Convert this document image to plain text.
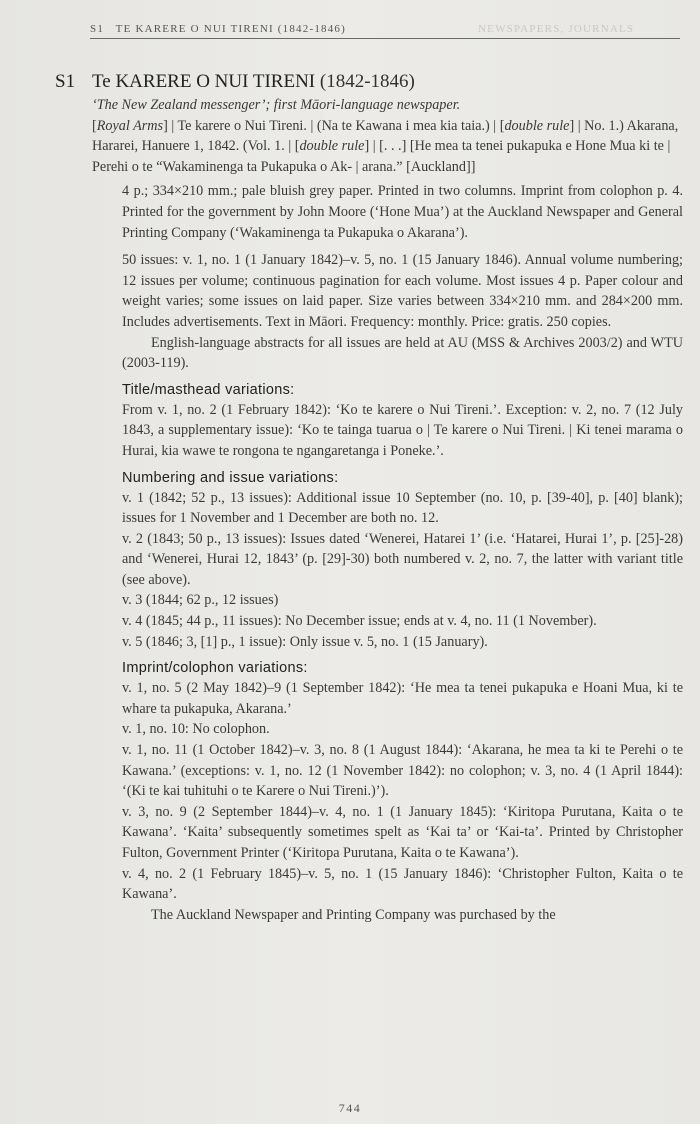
S1   TE KARERE O NUI TIRENI (1842-1846)	NEWSPAPERS, JOURNALS
S1 Te KARERE O NUI TIRENI (1842-1846)
‘The New Zealand messenger’; first Māori-language newspaper.
[Royal Arms] | Te karere o Nui Tireni. | (Na te Kawana i mea kia taia.) | [double rule] | No. 1.) Akarana, Hararei, Hanuere 1, 1842. (Vol. 1. | [double rule] | [. . .] [He mea ta tenei pukapuka e Hone Mua ki te | Perehi o te “Wakaminenga ta Pukapuka o Ak- | arana.” [Auckland]]

4 p.; 334×210 mm.; pale bluish grey paper. Printed in two columns. Imprint from colophon p. 4. Printed for the government by John Moore (‘Hone Mua’) at the Auckland Newspaper and General Printing Company (‘Wakaminenga ta Pukapuka o Akarana’).

50 issues: v. 1, no. 1 (1 January 1842)–v. 5, no. 1 (15 January 1846). Annual volume numbering; 12 issues per volume; continuous pagination for each volume. Most issues 4 p. Paper colour and weight varies; some issues on laid paper. Size varies between 334×210 mm. and 284×200 mm. Includes advertisements. Text in Māori. Frequency: monthly. Price: gratis. 250 copies.

English-language abstracts for all issues are held at AU (MSS & Archives 2003/2) and WTU (2003-119).

Title/masthead variations:

From v. 1, no. 2 (1 February 1842): ‘Ko te karere o Nui Tireni.’. Exception: v. 2, no. 7 (12 July 1843, a supplementary issue): ‘Ko te tainga tuarua o | Te karere o Nui Tireni. | Ki tenei marama o Hurai, kia wawe te rongona te ngangaretanga i Poneke.’.

Numbering and issue variations:

v. 1 (1842; 52 p., 13 issues): Additional issue 10 September (no. 10, p. [39-40], p. [40] blank); issues for 1 November and 1 December are both no. 12.

v. 2 (1843; 50 p., 13 issues): Issues dated ‘Wenerei, Hatarei 1’ (i.e. ‘Hatarei, Hurai 1’, p. [25]-28) and ‘Wenerei, Hurai 12, 1843’ (p. [29]-30) both numbered v. 2, no. 7, the latter with variant title (see above).

v. 3 (1844; 62 p., 12 issues)

v. 4 (1845; 44 p., 11 issues): No December issue; ends at v. 4, no. 11 (1 November).

v. 5 (1846; 3, [1] p., 1 issue): Only issue v. 5, no. 1 (15 January).

Imprint/colophon variations:

v. 1, no. 5 (2 May 1842)–9 (1 September 1842): ‘He mea ta tenei pukapuka e Hoani Mua, ki te whare ta pukapuka, Akarana.’

v. 1, no. 10: No colophon.

v. 1, no. 11 (1 October 1842)–v. 3, no. 8 (1 August 1844): ‘Akarana, he mea ta ki te Perehi o te Kawana.’ (exceptions: v. 1, no. 12 (1 November 1842): no colophon; v. 3, no. 4 (1 April 1844): ‘(Ki te kai tuhituhi o te Karere o Nui Tireni.)’).

v. 3, no. 9 (2 September 1844)–v. 4, no. 1 (1 January 1845): ‘Kiritopa Purutana, Kaita o te Kawana’. ‘Kaita’ subsequently sometimes spelt as ‘Kai ta’ or ‘Kai-ta’. Printed by Christopher Fulton, Government Printer (‘Kiritopa Purutana, Kaita o te Kawana’).

v. 4, no. 2 (1 February 1845)–v. 5, no. 1 (15 January 1846): ‘Christopher Fulton, Kaita o te Kawana’.

The Auckland Newspaper and Printing Company was purchased by the

744
